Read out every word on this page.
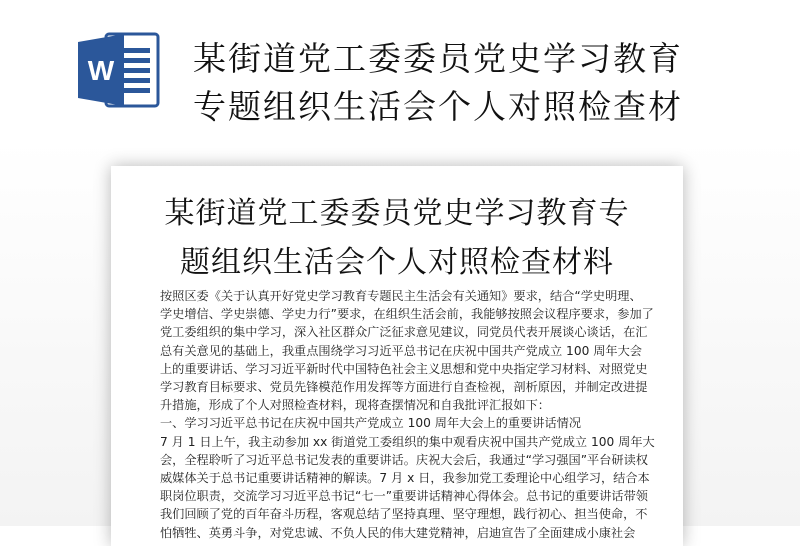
W 某街道党工委委员党史学习教育
专题组织生活会个人对照检查材
某街道党工委委员党史学习教育专
题组织生活会个人对照检查材料

按照区委《关于认真开好党史学习教育专题民主生活会有关通知》要求，结合“学史明理、

学史增信、学史崇德、学史力行”要求，在组织生活会前，我能够按照会议程序要求，参加了

党工委组织的集中学习，深入社区群众广泛征求意见建议，同党员代表开展谈心谈话，在汇

总有关意见的基础上，我重点围绕学习习近平总书记在庆祝中国共产党成立 100 周年大会

上的重要讲话、学习习近平新时代中国特色社会主义思想和党中央指定学习材料、对照党史

学习教育目标要求、党员先锋模范作用发挥等方面进行自查检视，剖析原因，并制定改进提

升措施，形成了个人对照检查材料，现将查摆情况和自我批评汇报如下：

一、学习习近平总书记在庆祝中国共产党成立 100 周年大会上的重要讲话情况

7 月 1 日上午，我主动参加 xx 街道党工委组织的集中观看庆祝中国共产党成立 100 周年大

会，全程聆听了习近平总书记发表的重要讲话。庆祝大会后，我通过“学习强国”平台研读权

威媒体关于总书记重要讲话精神的解读。7 月 x 日，我参加党工委理论中心组学习，结合本

职岗位职责，交流学习习近平总书记“七一”重要讲话精神心得体会。总书记的重要讲话带领

我们回顾了党的百年奋斗历程，客观总结了坚持真理、坚守理想，践行初心、担当使命，不

怕牺牲、英勇斗争，对党忠诚、不负人民的伟大建党精神，启迪宣告了全面建成小康社会
